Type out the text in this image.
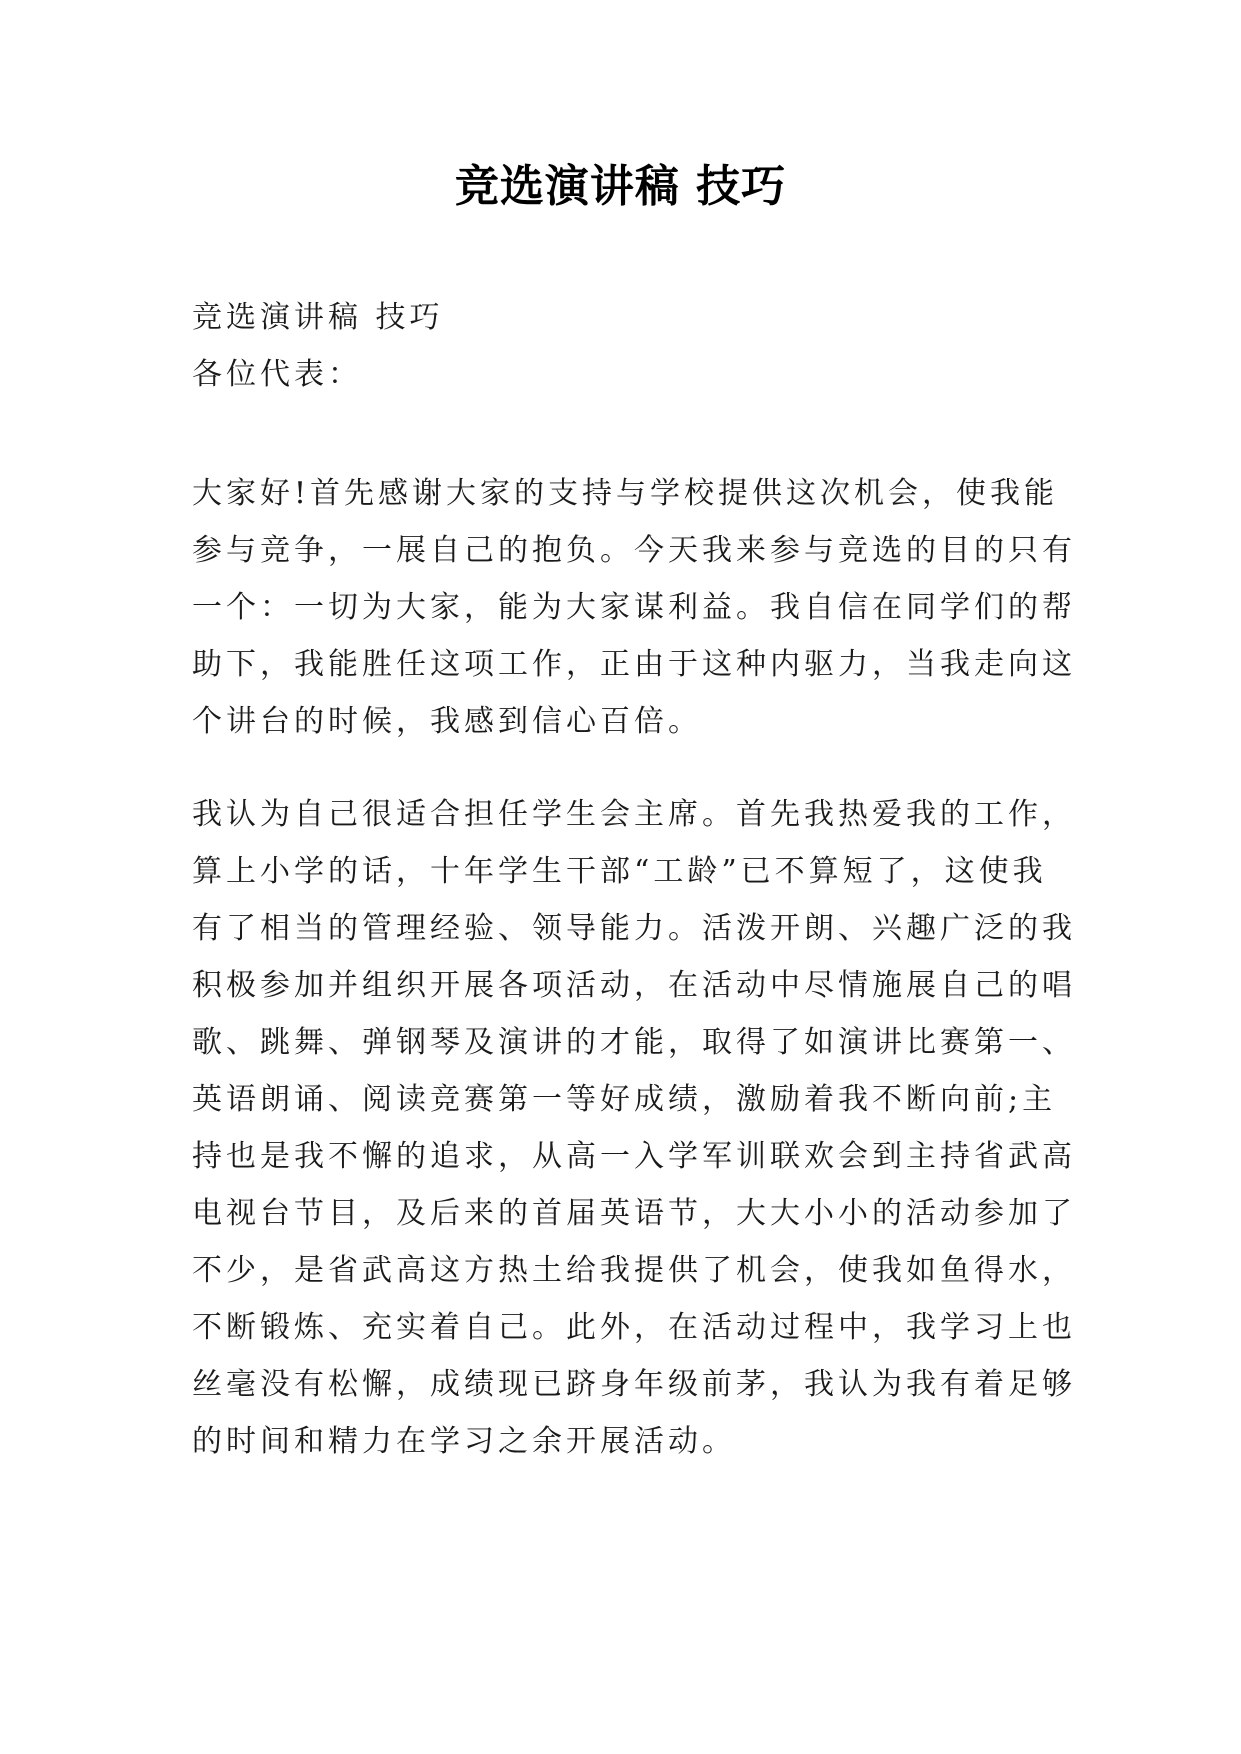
竞选演讲稿 技巧
竞选演讲稿 技巧
各位代表：
大家好!首先感谢大家的支持与学校提供这次机会，使我能
参与竞争，一展自己的抱负。今天我来参与竞选的目的只有
一个：一切为大家，能为大家谋利益。我自信在同学们的帮
助下，我能胜任这项工作，正由于这种内驱力，当我走向这
个讲台的时候，我感到信心百倍。
我认为自己很适合担任学生会主席。首先我热爱我的工作，
算上小学的话，十年学生干部“工龄”已不算短了，这使我
有了相当的管理经验、领导能力。活泼开朗、兴趣广泛的我
积极参加并组织开展各项活动，在活动中尽情施展自己的唱
歌、跳舞、弹钢琴及演讲的才能，取得了如演讲比赛第一、
英语朗诵、阅读竞赛第一等好成绩，激励着我不断向前;主
持也是我不懈的追求，从高一入学军训联欢会到主持省武高
电视台节目，及后来的首届英语节，大大小小的活动参加了
不少，是省武高这方热土给我提供了机会，使我如鱼得水，
不断锻炼、充实着自己。此外，在活动过程中，我学习上也
丝毫没有松懈，成绩现已跻身年级前茅，我认为我有着足够
的时间和精力在学习之余开展活动。
